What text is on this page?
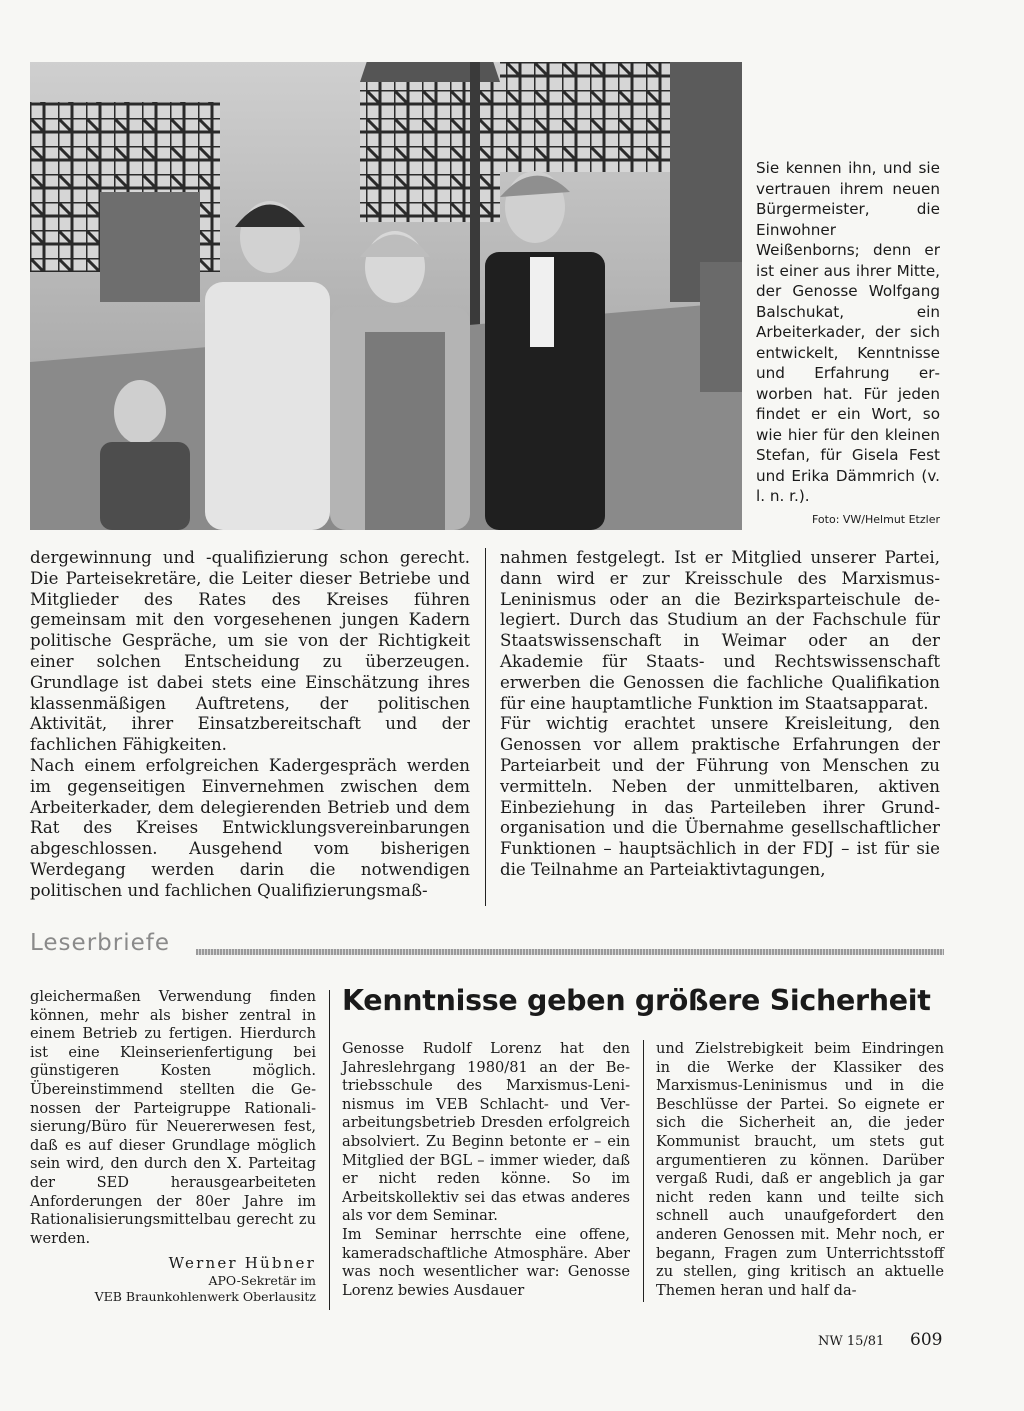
Sie kennen ihn, und sie vertrauen ihrem neuen Bürgermeister, die Einwohner Weißenborns; denn er ist einer aus ihrer Mitte, der Genosse Wolfgang Balschukat, ein Arbeiterkader, der sich entwickelt, Kenntnisse und Erfahrung erworben hat. Für jeden findet er ein Wort, so wie hier für den kleinen Stefan, für Gisela Fest und Erika Dämmrich (v. l. n. r.).
Foto: VW/Helmut Etzler

dergewinnung und -qualifizierung schon gerecht. Die Parteisekretäre, die Leiter dieser Betriebe und Mitglieder des Rates des Kreises führen gemeinsam mit den vorgesehenen jungen Kadern politische Gespräche, um sie von der Richtigkeit einer solchen Entscheidung zu überzeugen. Grundlage ist dabei stets eine Einschätzung ihres klassenmäßigen Auftretens, der politischen Aktivität, ihrer Einsatzbereitschaft und der fachlichen Fähigkeiten.

Nach einem erfolgreichen Kadergespräch werden im gegenseitigen Einvernehmen zwischen dem Arbeiterkader, dem delegierenden Betrieb und dem Rat des Kreises Entwicklungsvereinbarungen abgeschlossen. Ausgehend vom bisherigen Werdegang werden darin die notwendigen politischen und fachlichen Qualifizierungsmaß-

nahmen festgelegt. Ist er Mitglied unserer Partei, dann wird er zur Kreisschule des Marxismus-Leninismus oder an die Bezirksparteischule delegiert. Durch das Studium an der Fachschule für Staatswissenschaft in Weimar oder an der Akademie für Staats- und Rechtswissenschaft erwerben die Genossen die fachliche Qualifikation für eine hauptamtliche Funktion im Staatsapparat.

Für wichtig erachtet unsere Kreisleitung, den Genossen vor allem praktische Erfahrungen der Parteiarbeit und der Führung von Menschen zu vermitteln. Neben der unmittelbaren, aktiven Einbeziehung in das Parteileben ihrer Grundorganisation und die Übernahme gesellschaftlicher Funktionen – hauptsächlich in der FDJ – ist für sie die Teilnahme an Parteiaktivtagungen,

Leserbriefe
gleichermaßen Verwendung finden können, mehr als bisher zentral in einem Betrieb zu fertigen. Hierdurch ist eine Kleinserienfertigung bei günstigeren Kosten möglich. Übereinstimmend stellten die Genossen der Parteigruppe Rationalisierung/Büro für Neuererwesen fest, daß es auf dieser Grundlage möglich sein wird, den durch den X. Parteitag der SED herausgearbeiteten Anforderungen der 80er Jahre im Rationalisierungsmittelbau gerecht zu werden.
Werner Hübner
APO-Sekretär im
VEB Braunkohlenwerk Oberlausitz
Kenntnisse geben größere Sicherheit
Genosse Rudolf Lorenz hat den Jahreslehrgang 1980/81 an der Betriebsschule des Marxismus-Leninismus im VEB Schlacht- und Verarbeitungsbetrieb Dresden erfolgreich absolviert. Zu Beginn betonte er – ein Mitglied der BGL – immer wieder, daß er nicht reden könne. So im Arbeitskollektiv sei das etwas anderes als vor dem Seminar.
Im Seminar herrschte eine offene, kameradschaftliche Atmosphäre. Aber was noch wesentlicher war: Genosse Lorenz bewies Ausdauer
und Zielstrebigkeit beim Eindringen in die Werke der Klassiker des Marxismus-Leninismus und in die Beschlüsse der Partei. So eignete er sich die Sicherheit an, die jeder Kommunist braucht, um stets gut argumentieren zu können. Darüber vergaß Rudi, daß er angeblich ja gar nicht reden kann und teilte sich schnell auch unaufgefordert den anderen Genossen mit. Mehr noch, er begann, Fragen zum Unterrichtsstoff zu stellen, ging kritisch an aktuelle Themen heran und half da-
NW 15/81 609
